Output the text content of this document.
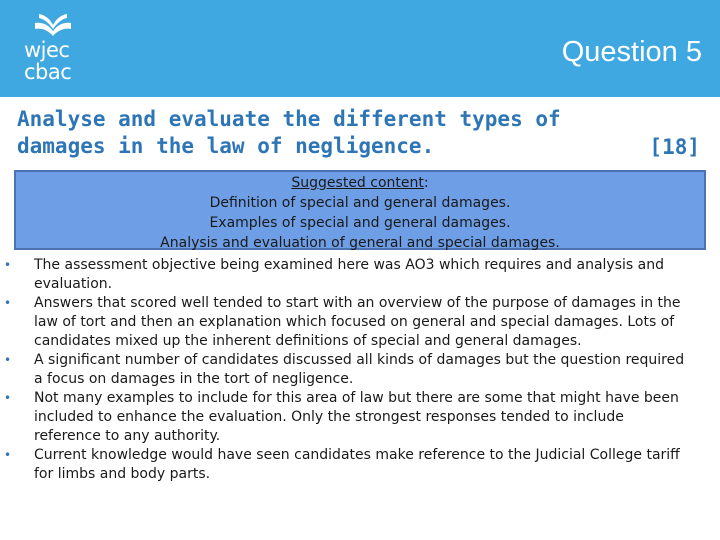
wjec
cbac
Question 5
Analyse and evaluate the different types of damages in the law of negligence.	[18]
Suggested content:
Definition of special and general damages.
Examples of special and general damages.
Analysis and evaluation of general and special damages.
• The assessment objective being examined here was AO3 which requires and analysis and evaluation.
• Answers that scored well tended to start with an overview of the purpose of damages in the law of tort and then an explanation which focused on general and special damages. Lots of candidates mixed up the inherent definitions of special and general damages.
• A significant number of candidates discussed all kinds of damages but the question required a focus on damages in the tort of negligence.
• Not many examples to include for this area of law but there are some that might have been included to enhance the evaluation. Only the strongest responses tended to include reference to any authority.
• Current knowledge would have seen candidates make reference to the Judicial College tariff for limbs and body parts.
